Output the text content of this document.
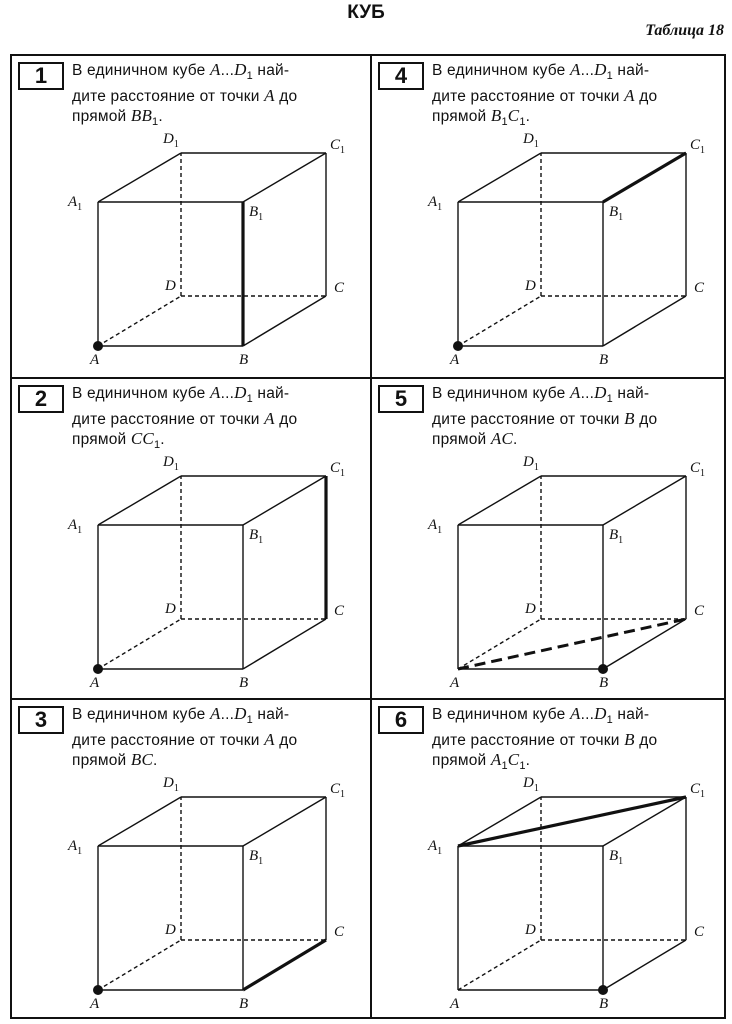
КУБ
Таблица 18
1	В единичном кубе $A...D_1$ най-
дите расстояние от точки A до
прямой $BB_1$.
A	B
C
D
$A_1$	$B_1$
$C_1$
$D_1$
4	В единичном кубе $A...D_1$ най-
дите расстояние от точки A до
прямой $B_1C_1$.
A	B
C
D
$A_1$	$B_1$
$C_1$
$D_1$
2	В единичном кубе $A...D_1$ най-
дите расстояние от точки A до
прямой $CC_1$.
A	B
C
D
$A_1$	$B_1$
$C_1$
$D_1$
5	В единичном кубе $A...D_1$ най-
дите расстояние от точки B до
прямой AC.
A	B
C
D
$A_1$	$B_1$
$C_1$
$D_1$
3	В единичном кубе $A...D_1$ най-
дите расстояние от точки A до
прямой BC.
A	B
C
D
$A_1$	$B_1$
$C_1$
$D_1$
6	В единичном кубе $A...D_1$ най-
дите расстояние от точки B до
прямой $A_1C_1$.
A	B
C
D
$A_1$	$B_1$
$C_1$
$D_1$
